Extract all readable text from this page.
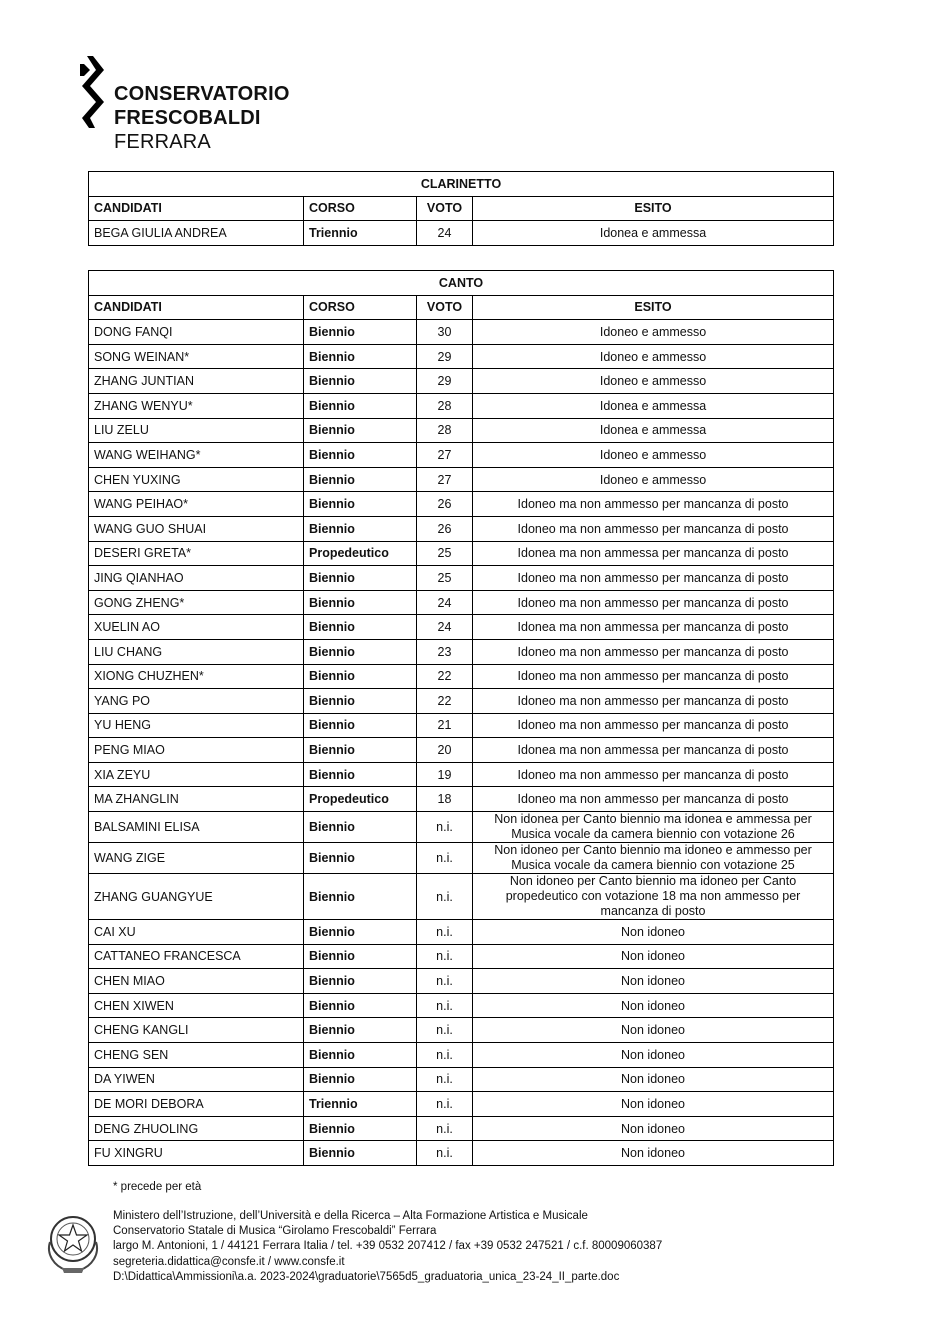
CONSERVATORIO
FRESCOBALDI
FERRARA
CLARINETTO			
CANDIDATI	CORSO	VOTO	ESITO
BEGA GIULIA ANDREA	Triennio	24	Idonea e ammessa
CANTO			
CANDIDATI	CORSO	VOTO	ESITO
DONG FANQI	Biennio	30	Idoneo e ammesso
SONG WEINAN*	Biennio	29	Idoneo e ammesso
ZHANG JUNTIAN	Biennio	29	Idoneo e ammesso
ZHANG WENYU*	Biennio	28	Idonea e ammessa
LIU ZELU	Biennio	28	Idonea e ammessa
WANG WEIHANG*	Biennio	27	Idoneo e ammesso
CHEN YUXING	Biennio	27	Idoneo e ammesso
WANG PEIHAO*	Biennio	26	Idoneo ma non ammesso per mancanza di posto
WANG GUO SHUAI	Biennio	26	Idoneo ma non ammesso per mancanza di posto
DESERI GRETA*	Propedeutico	25	Idonea ma non ammessa per mancanza di posto
JING QIANHAO	Biennio	25	Idoneo ma non ammesso per mancanza di posto
GONG ZHENG*	Biennio	24	Idoneo ma non ammesso per mancanza di posto
XUELIN AO	Biennio	24	Idonea ma non ammessa per mancanza di posto
LIU CHANG	Biennio	23	Idoneo ma non ammesso per mancanza di posto
XIONG CHUZHEN*	Biennio	22	Idoneo ma non ammesso per mancanza di posto
YANG PO	Biennio	22	Idoneo ma non ammesso per mancanza di posto
YU HENG	Biennio	21	Idoneo ma non ammesso per mancanza di posto
PENG MIAO	Biennio	20	Idonea ma non ammessa per mancanza di posto
XIA ZEYU	Biennio	19	Idoneo ma non ammesso per mancanza di posto
MA ZHANGLIN	Propedeutico	18	Idoneo ma non ammesso per mancanza di posto
BALSAMINI ELISA	Biennio	n.i.	Non idonea per Canto biennio ma idonea e ammessa per Musica vocale da camera biennio con votazione 26
WANG ZIGE	Biennio	n.i.	Non idoneo per Canto biennio ma idoneo e ammesso per Musica vocale da camera biennio con votazione 25
ZHANG GUANGYUE	Biennio	n.i.	Non idoneo per Canto biennio ma idoneo per Canto propedeutico con votazione 18 ma non ammesso per mancanza di posto
CAI XU	Biennio	n.i.	Non idoneo
CATTANEO FRANCESCA	Biennio	n.i.	Non idoneo
CHEN MIAO	Biennio	n.i.	Non idoneo
CHEN XIWEN	Biennio	n.i.	Non idoneo
CHENG KANGLI	Biennio	n.i.	Non idoneo
CHENG SEN	Biennio	n.i.	Non idoneo
DA YIWEN	Biennio	n.i.	Non idoneo
DE MORI DEBORA	Triennio	n.i.	Non idoneo
DENG ZHUOLING	Biennio	n.i.	Non idoneo
FU XINGRU	Biennio	n.i.	Non idoneo
* precede per età
Ministero dell’Istruzione, dell’Università e della Ricerca – Alta Formazione Artistica e Musicale
Conservatorio Statale di Musica “Girolamo Frescobaldi” Ferrara
largo M. Antonioni, 1 / 44121 Ferrara Italia / tel. +39 0532 207412 / fax +39 0532 247521 / c.f. 80009060387
segreteria.didattica@consfe.it / www.consfe.it
D:\Didattica\Ammissioni\a.a. 2023-2024\graduatorie\7565d5_graduatoria_unica_23-24_II_parte.doc
